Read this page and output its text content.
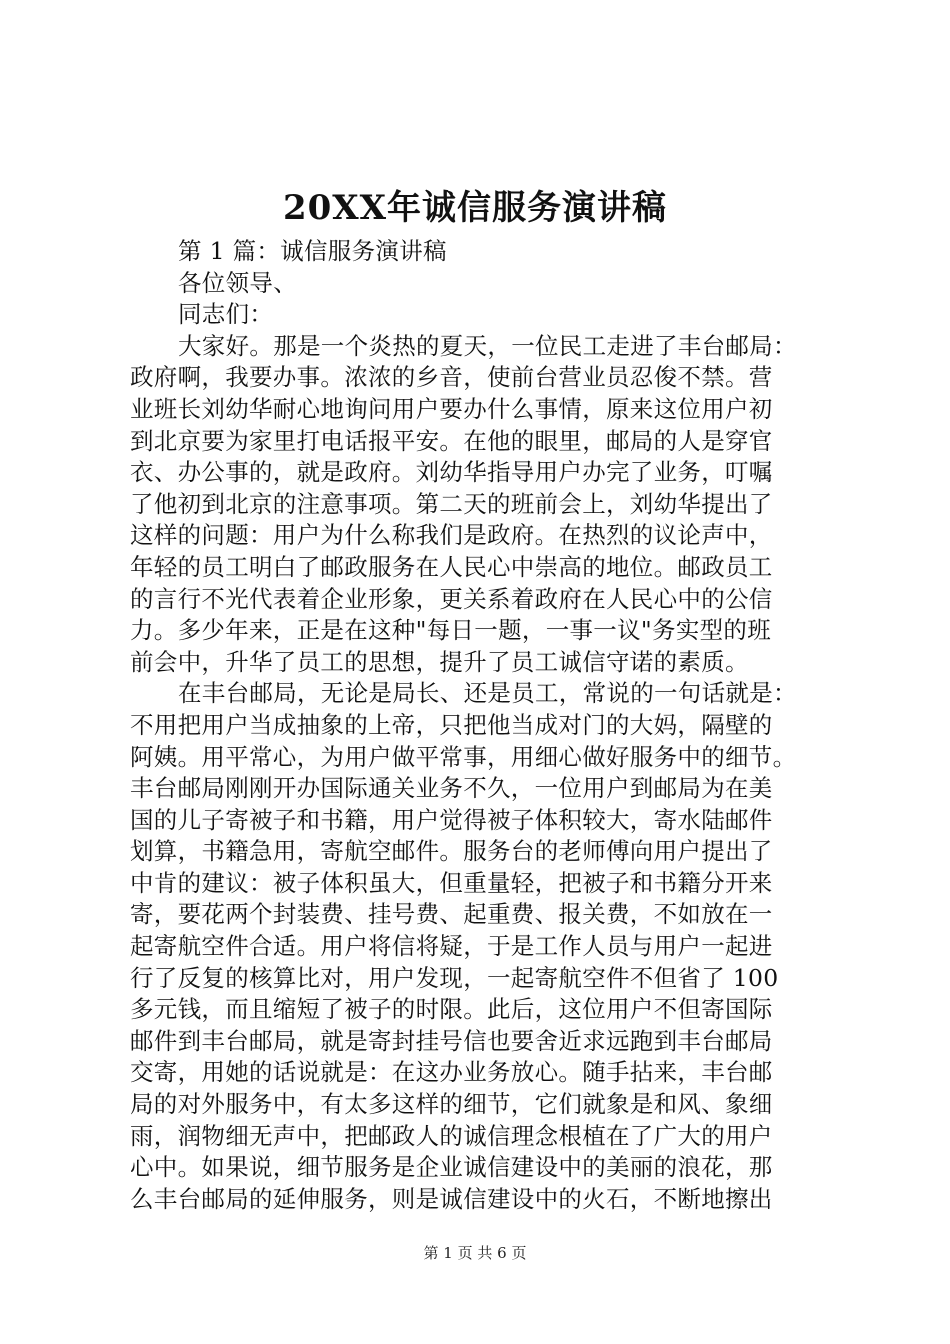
20XX年诚信服务演讲稿
第 1 篇：诚信服务演讲稿
各位领导、
同志们：
大家好。那是一个炎热的夏天，一位民工走进了丰台邮局：
政府啊，我要办事。浓浓的乡音，使前台营业员忍俊不禁。营
业班长刘幼华耐心地询问用户要办什么事情，原来这位用户初
到北京要为家里打电话报平安。在他的眼里，邮局的人是穿官
衣、办公事的，就是政府。刘幼华指导用户办完了业务，叮嘱
了他初到北京的注意事项。第二天的班前会上，刘幼华提出了
这样的问题：用户为什么称我们是政府。在热烈的议论声中，
年轻的员工明白了邮政服务在人民心中崇高的地位。邮政员工
的言行不光代表着企业形象，更关系着政府在人民心中的公信
力。多少年来，正是在这种"每日一题，一事一议"务实型的班
前会中，升华了员工的思想，提升了员工诚信守诺的素质。
在丰台邮局，无论是局长、还是员工，常说的一句话就是：
不用把用户当成抽象的上帝，只把他当成对门的大妈，隔壁的
阿姨。用平常心，为用户做平常事，用细心做好服务中的细节。
丰台邮局刚刚开办国际通关业务不久，一位用户到邮局为在美
国的儿子寄被子和书籍，用户觉得被子体积较大，寄水陆邮件
划算，书籍急用，寄航空邮件。服务台的老师傅向用户提出了
中肯的建议：被子体积虽大，但重量轻，把被子和书籍分开来
寄，要花两个封装费、挂号费、起重费、报关费，不如放在一
起寄航空件合适。用户将信将疑，于是工作人员与用户一起进
行了反复的核算比对，用户发现，一起寄航空件不但省了 100
多元钱，而且缩短了被子的时限。此后，这位用户不但寄国际
邮件到丰台邮局，就是寄封挂号信也要舍近求远跑到丰台邮局
交寄，用她的话说就是：在这办业务放心。随手拈来，丰台邮
局的对外服务中，有太多这样的细节，它们就象是和风、象细
雨，润物细无声中，把邮政人的诚信理念根植在了广大的用户
心中。如果说，细节服务是企业诚信建设中的美丽的浪花，那
么丰台邮局的延伸服务，则是诚信建设中的火石，不断地擦出
第 1 页 共 6 页
